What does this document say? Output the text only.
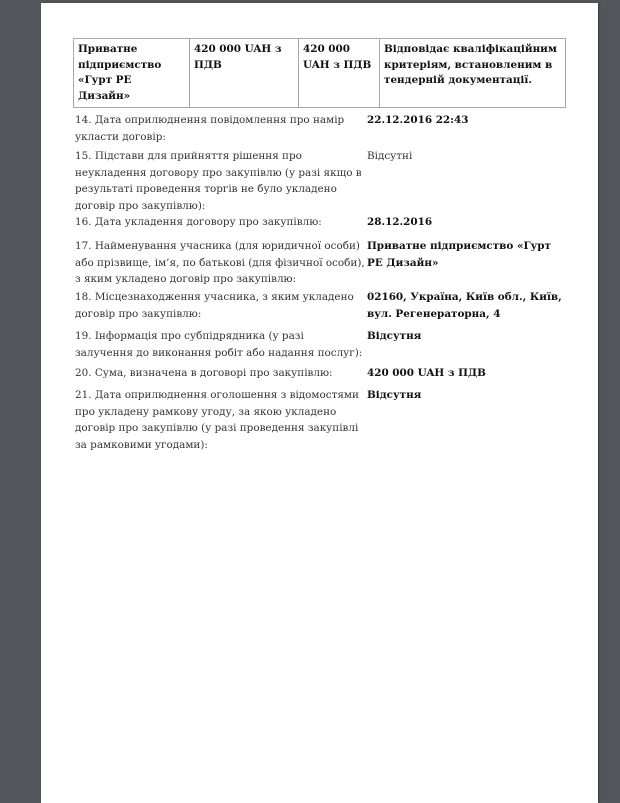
Приватне підприємство «Гурт РЕ Дизайн»	420 000 UAH з ПДВ	420 000 UAH з ПДВ	Відповідає кваліфікаційним критеріям, встановленим в тендерній документації.
14. Дата оприлюднення повідомлення про намір укласти договір:
22.12.2016 22:43
15. Підстави для прийняття рішення про неукладення договору про закупівлю (у разі якщо в результаті проведення торгів не було укладено договір про закупівлю):
Відсутні
16. Дата укладення договору про закупівлю:	28.12.2016
17. Найменування учасника (для юридичної особи) або прізвище, ім’я, по батькові (для фізичної особи), з яким укладено договір про закупівлю:
Приватне підприємство «Гурт РЕ Дизайн»
18. Місцезнаходження учасника, з яким укладено договір про закупівлю:
02160, Україна, Київ обл., Київ, вул. Регенераторна, 4
19. Інформація про субпідрядника (у разі залучення до виконання робіт або надання послуг):
Відсутня
20. Сума, визначена в договорі про закупівлю:	420 000 UAH з ПДВ
21. Дата оприлюднення оголошення з відомостями про укладену рамкову угоду, за якою укладено договір про закупівлю (у разі проведення закупівлі за рамковими угодами):
Відсутня
